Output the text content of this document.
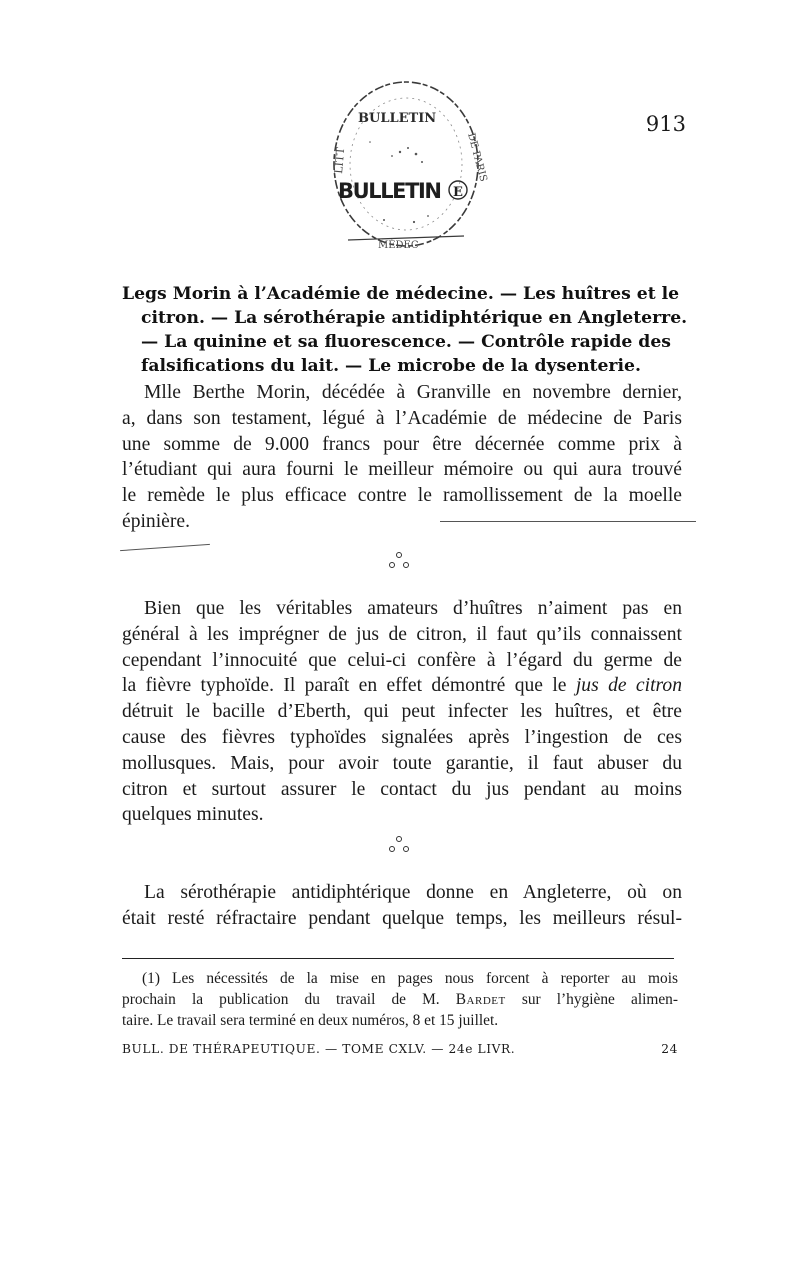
BULLETIN
BULLETIN E
LITT	DE PARIS
MÉDEC
913
Legs Morin à l’Académie de médecine. — Les huîtres et le
citron. — La sérothérapie antidiphtérique en Angleterre.
— La quinine et sa fluorescence. — Contrôle rapide des
falsifications du lait. — Le microbe de la dysenterie.
Mlle Berthe Morin, décédée à Granville en novembre dernier,
a, dans son testament, légué à l’Académie de médecine de Paris
une somme de 9.000 francs pour être décernée comme prix à
l’étudiant qui aura fourni le meilleur mémoire ou qui aura trouvé
le remède le plus efficace contre le ramollissement de la moelle
épinière.
Bien que les véritables amateurs d’huîtres n’aiment pas en
général à les imprégner de jus de citron, il faut qu’ils connaissent
cependant l’innocuité que celui-ci confère à l’égard du germe de
la fièvre typhoïde. Il paraît en effet démontré que le jus de citron
détruit le bacille d’Eberth, qui peut infecter les huîtres, et être
cause des fièvres typhoïdes signalées après l’ingestion de ces
mollusques. Mais, pour avoir toute garantie, il faut abuser du
citron et surtout assurer le contact du jus pendant au moins
quelques minutes.
La sérothérapie antidiphtérique donne en Angleterre, où on
était resté réfractaire pendant quelque temps, les meilleurs résul-
(1) Les nécessités de la mise en pages nous forcent à reporter au mois
prochain la publication du travail de M. Bardet sur l’hygiène alimen-
taire. Le travail sera terminé en deux numéros, 8 et 15 juillet.
BULL. DE THÉRAPEUTIQUE. — TOME CXLV. — 24e LIVR.	24
